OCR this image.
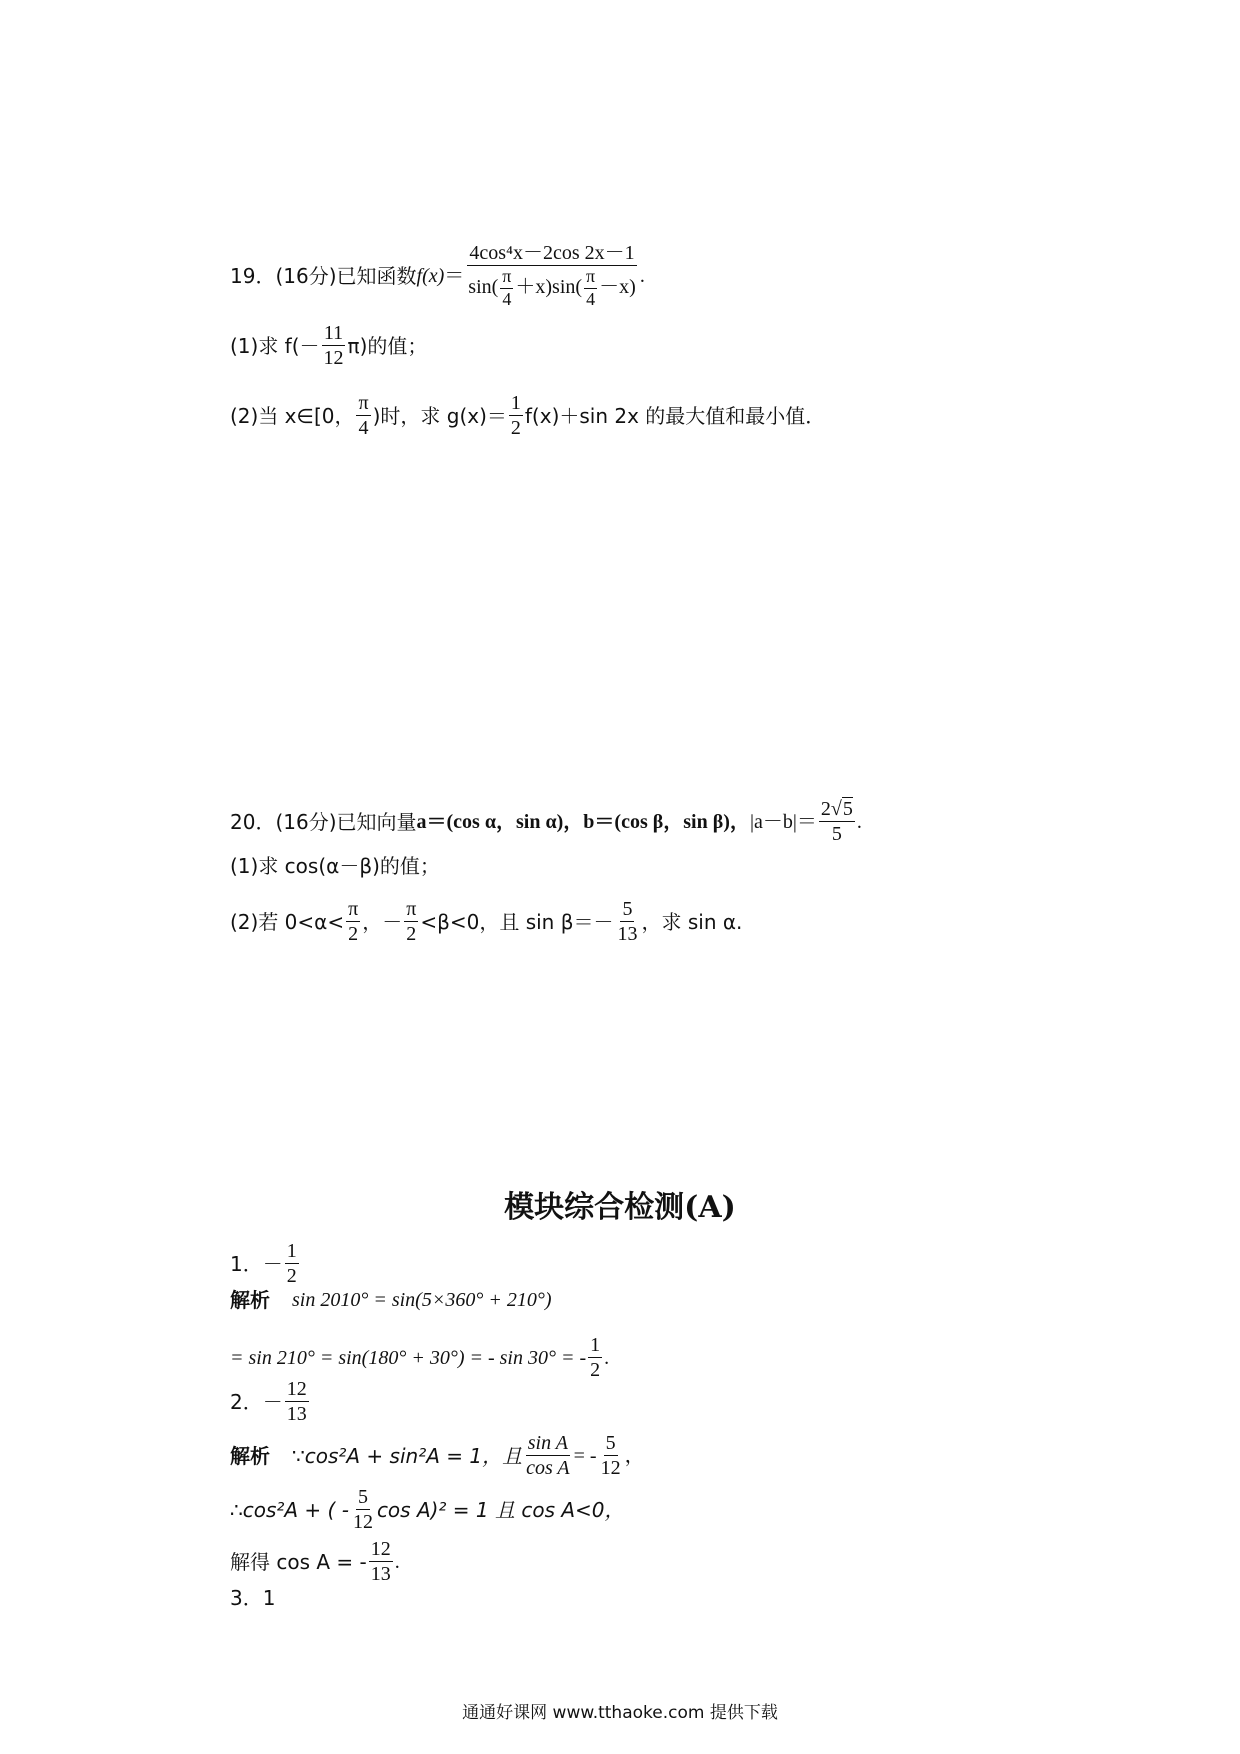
19．(16分)已知函数 $f(x) = \frac{\text{4cos⁴x－2cos 2x－1}}{\sin( \frac{\pi}{4} +x)\sin( \frac{\pi}{4} -x)}$ .
(1)求 $f(- \frac{11}{12} \pi)$的值；
(2)当 x∈[0， $\frac{\pi}{4}$ )时，求 $g(x)= \frac{1}{2} f(x)+\sin$ 2x 的最大值和最小值．
20．(16分)已知向量 a＝(cos α，sin α)， b＝(cos β，sin β)， $|a-b|= \frac{2√5}{5}$ .
(1)求 cos(α－β)的值；
(2)若 $0<\alpha< \frac{\pi}{2}$ ，－ $\frac{\pi}{2} <\beta<0$，且 $\sin \beta=- \frac{5}{13}$ ，求 sin α.
模块综合检测(A)
1．－ $\frac{1}{2}$
解析 sin 2010° = sin(5×360° + 210°)
= sin 210° = sin(180° + 30°) = - sin 30° = - $\frac{1}{2}$ .
2．－ $\frac{12}{13}$
解析 ∵cos²A + sin²A = 1，且 $\frac{\text{sin A}}{\text{cos A}}$ = - $\frac{5}{12}$ ，
∴cos²A + ( - $\frac{5}{12}$ cos A)² = 1 且 cos A<0，
解得 cos A = - $\frac{12}{13}$ .
3．1
通通好课网 www.tthaoke.com 提供下载
